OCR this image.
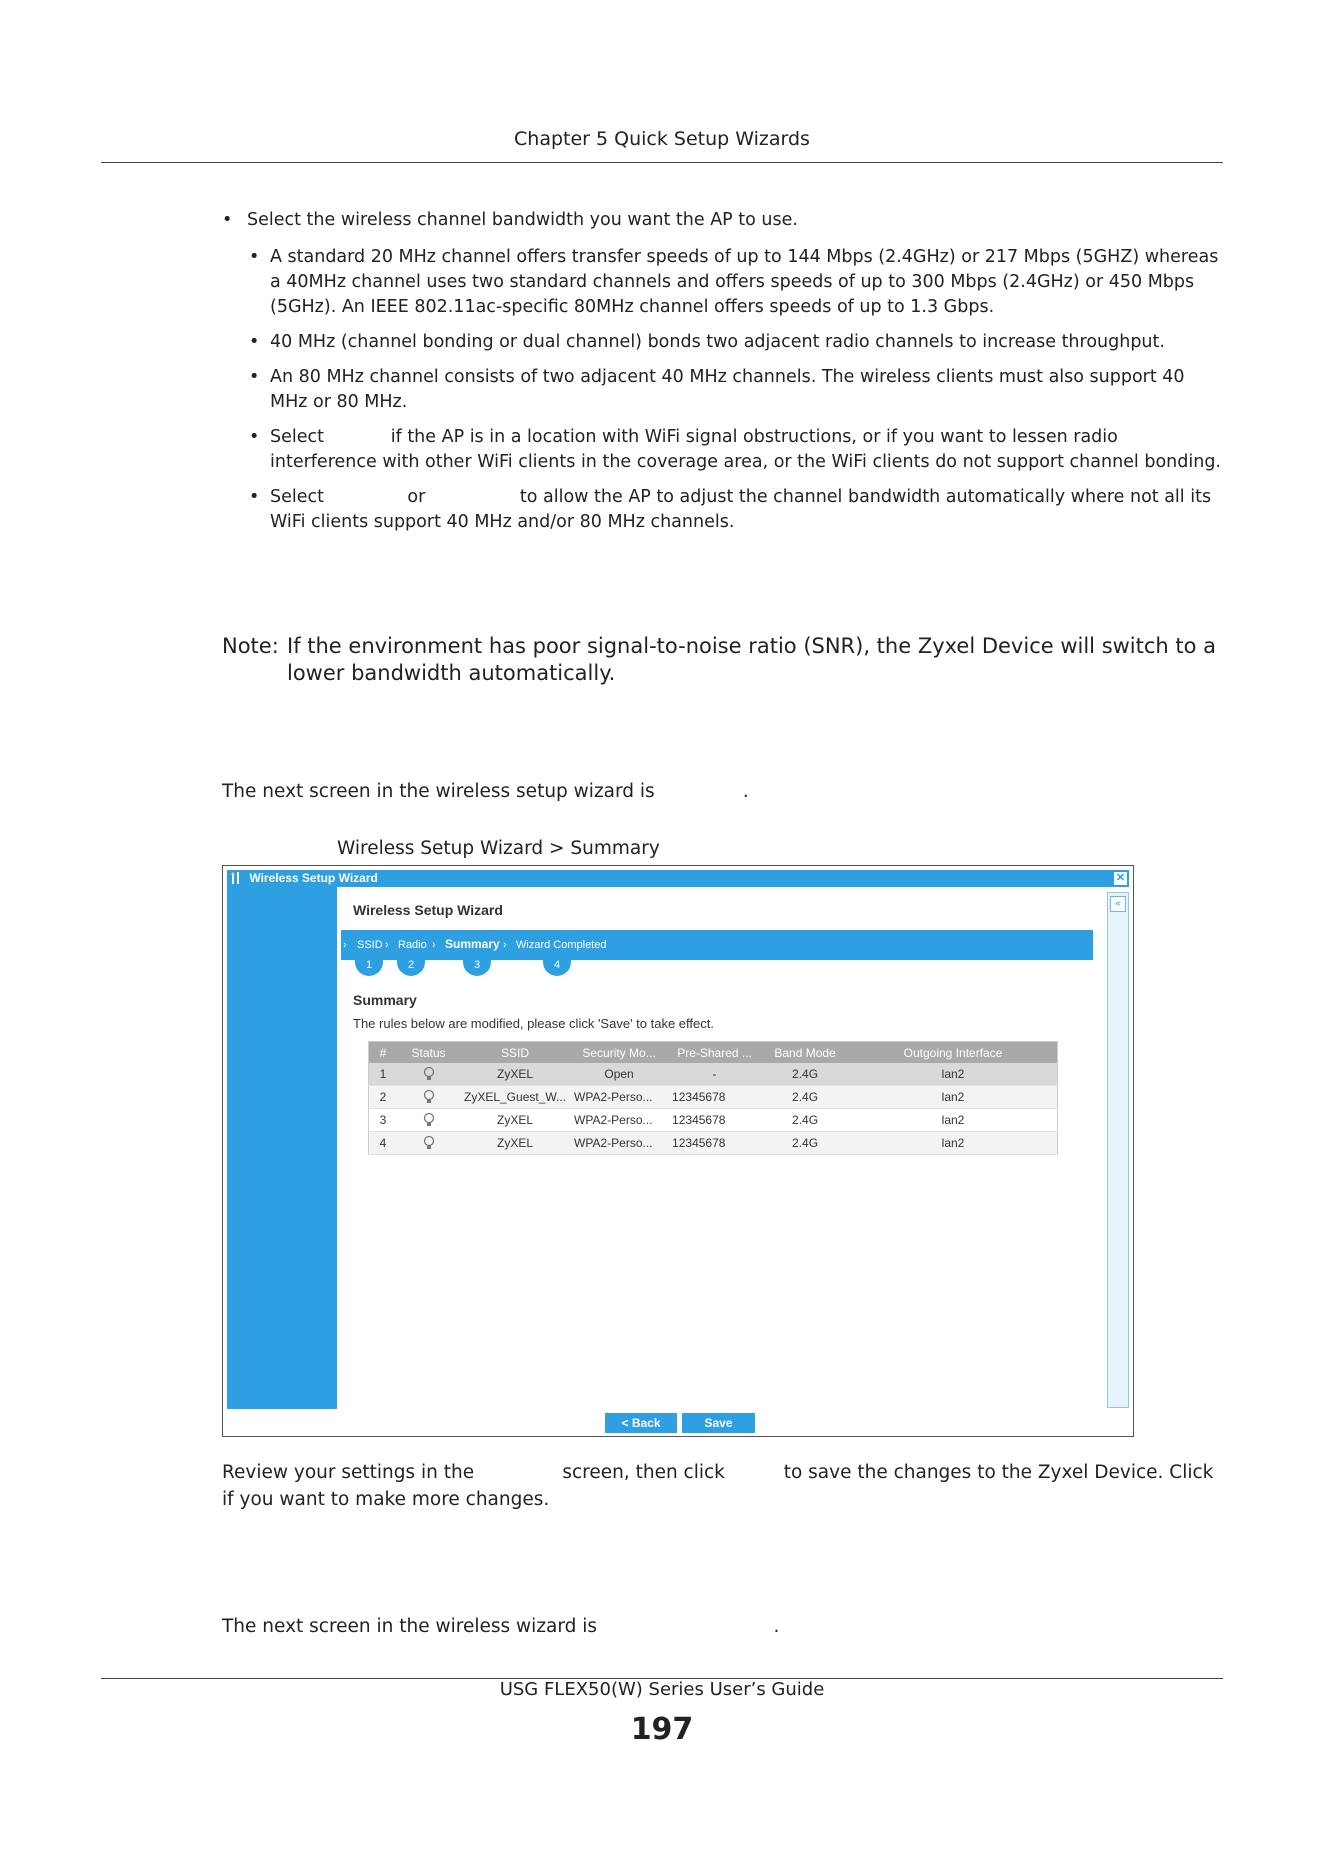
Chapter 5 Quick Setup Wizards

• Select the wireless channel bandwidth you want the AP to use.

• A standard 20 MHz channel offers transfer speeds of up to 144 Mbps (2.4GHz) or 217 Mbps (5GHZ) whereas a 40MHz channel uses two standard channels and offers speeds of up to 300 Mbps (2.4GHz) or 450 Mbps (5GHz). An IEEE 802.11ac-specific 80MHz channel offers speeds of up to 1.3 Gbps.
• 40 MHz (channel bonding or dual channel) bonds two adjacent radio channels to increase throughput.
• An 80 MHz channel consists of two adjacent 40 MHz channels. The wireless clients must also support 40 MHz or 80 MHz.
• Select            if the AP is in a location with WiFi signal obstructions, or if you want to lessen radio interference with other WiFi clients in the coverage area, or the WiFi clients do not support channel bonding.
• Select               or                 to allow the AP to adjust the channel bandwidth automatically where not all its WiFi clients support 40 MHz and/or 80 MHz channels.
Note: If the environment has poor signal-to-noise ratio (SNR), the Zyxel Device will switch to a lower bandwidth automatically.
The next screen in the wireless setup wizard is               .
Wireless Setup Wizard > Summary
Wireless Setup Wizard	✕
«
Wireless Setup Wizard
› SSID › Radio › Summary › Wizard Completed
1	2	3	4
Summary
The rules below are modified, please click 'Save' to take effect.
#	Status	SSID	Security Mo...	Pre-Shared ...	Band Mode	Outgoing Interface
1		ZyXEL	Open	-	2.4G	lan2
2		ZyXEL_Guest_W...	WPA2-Perso...	12345678	2.4G	lan2
3		ZyXEL	WPA2-Perso...	12345678	2.4G	lan2
4		ZyXEL	WPA2-Perso...	12345678	2.4G	lan2
< Back	Save
Review your settings in the               screen, then click          to save the changes to the Zyxel Device. Click          if you want to make more changes.
The next screen in the wireless wizard is                              .
USG FLEX50(W) Series User’s Guide
197
